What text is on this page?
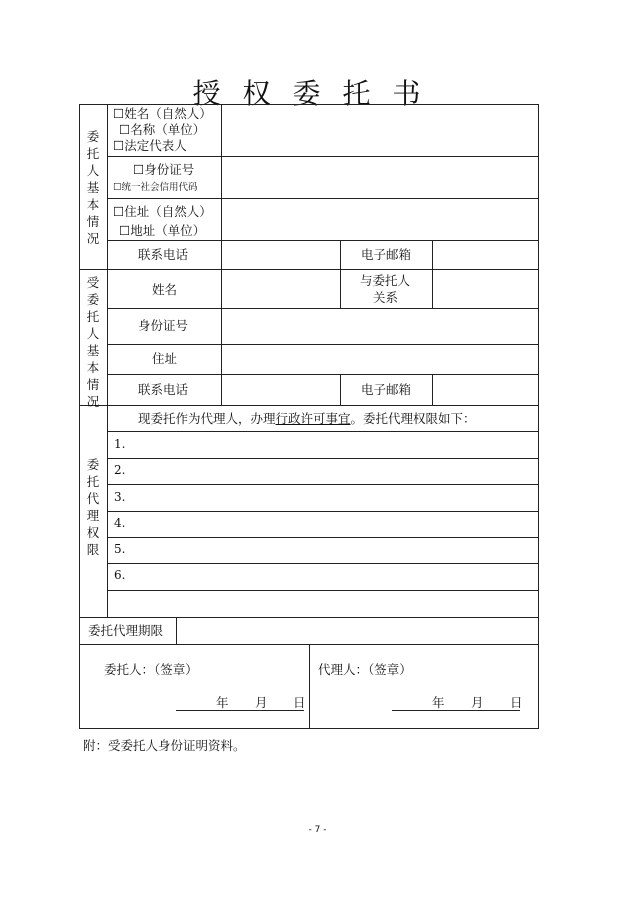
授权委托书
委托人基本情况
☐姓名（自然人）
☐名称（单位）
☐法定代表人
☐身份证号
☐统一社会信用代码
☐住址（自然人）
☐地址（单位）
联系电话	电子邮箱
受委托人基本情况
姓名
与委托人
关系
身份证号
住址
联系电话	电子邮箱
委托代理权限
现委托作为代理人，办理行政许可事宜。委托代理权限如下：
1.
2.
3.
4.
5.
6.
委托代理期限
委托人：（签章）
年 月 日
代理人：（签章）
年 月 日
附：受委托人身份证明资料。
- 7 -
